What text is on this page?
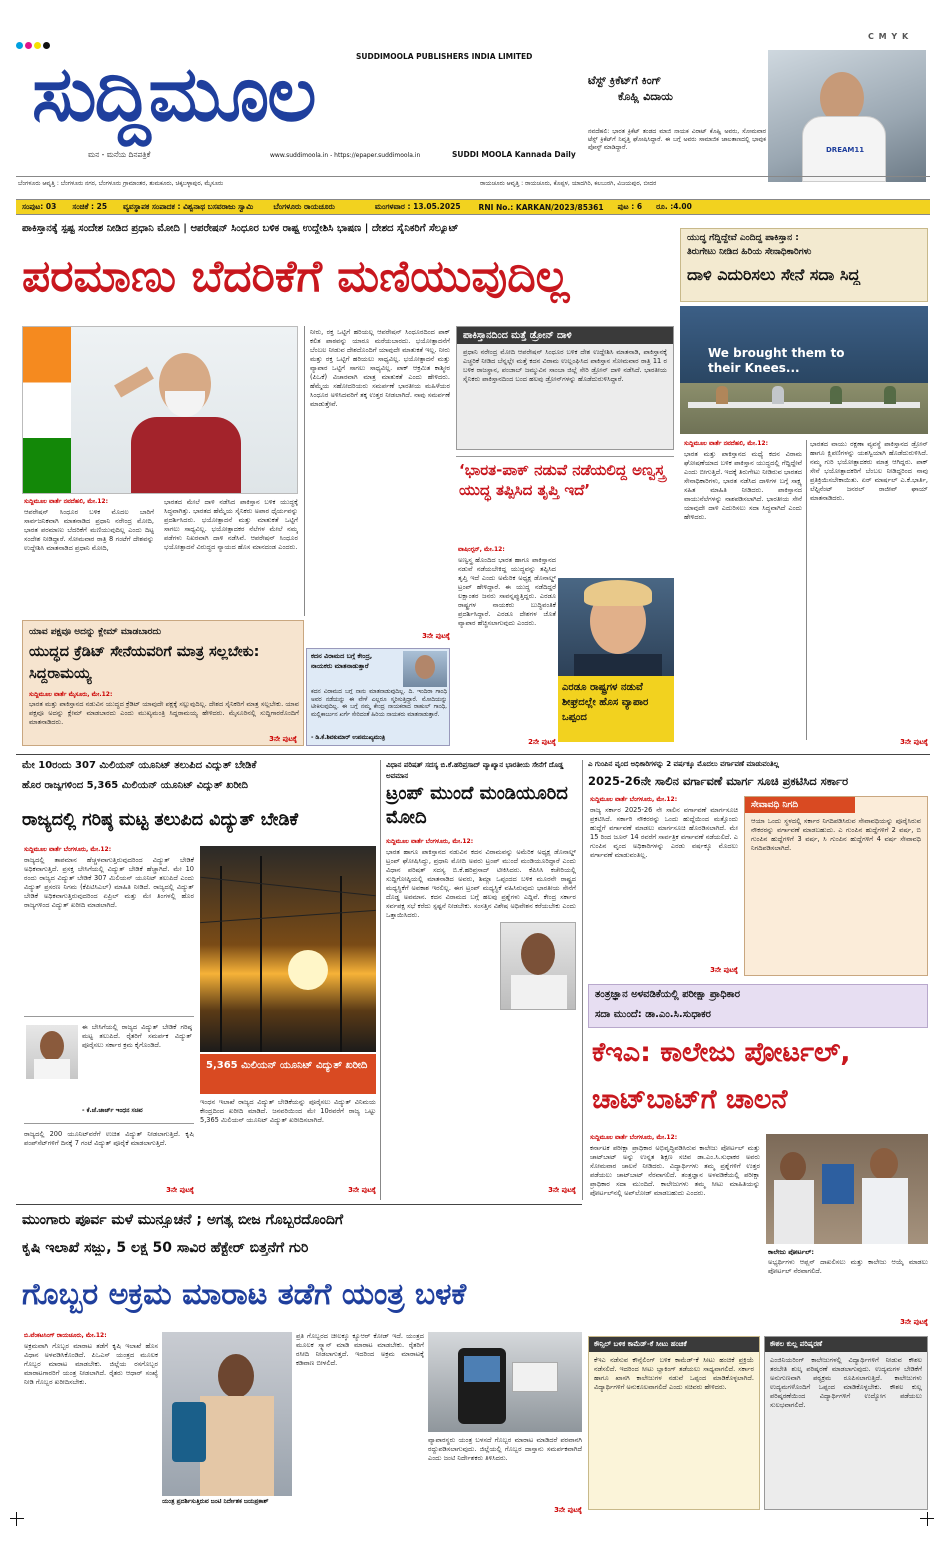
C M Y K
ಸುದ್ದಿಮೂಲ	SUDDIMOOLA PUBLISHERS INDIA LIMITED
ಮನ - ಮನೆಯ ದಿನಪತ್ರಿಕೆ	www.suddimoola.in - https://epaper.suddimoola.in	SUDDI MOOLA Kannada Daily
ಟೆಸ್ಟ್ ಕ್ರಿಕೆಟ್‌ಗೆ ಕಿಂಗ್
ಕೊಹ್ಲಿ ವಿದಾಯ
ನವದೆಹಲಿ: ಭಾರತ ಕ್ರಿಕೆಟ್ ತಂಡದ ಮಾಜಿ ನಾಯಕ ವಿರಾಟ್ ಕೊಹ್ಲಿ ಅವರು, ಸೋಮವಾರ ಟೆಸ್ಟ್ ಕ್ರಿಕೆಟ್‌ಗೆ ನಿವೃತ್ತಿ ಘೋಷಿಸಿದ್ದಾರೆ. ಈ ಬಗ್ಗೆ ಅವರು ಸಾಮಾಜಿಕ ಜಾಲತಾಣದಲ್ಲಿ ಭಾವುಕ ಪೋಸ್ಟ್ ಮಾಡಿದ್ದಾರೆ.	DREAM11
ಬೆಂಗಳೂರು ಆವೃತ್ತಿ : ಬೆಂಗಳೂರು ನಗರ, ಬೆಂಗಳೂರು ಗ್ರಾಮಾಂತರ, ತುಮಕೂರು, ಚಿಕ್ಕಬಳ್ಳಾಪುರ, ಮೈಸೂರು	ರಾಯಚೂರು ಆವೃತ್ತಿ : ರಾಯಚೂರು, ಕೊಪ್ಪಳ, ಯಾದಗಿರಿ, ಕಲಬುರಗಿ, ವಿಜಯಪುರ, ಬೀದರ
ಸಂಪುಟ: 03 ಸಂಚಿಕೆ : 25 ವ್ಯವಸ್ಥಾಪಕ ಸಂಪಾದಕ : ವಿಶ್ವನಾಥ ಬಸವರಾಜು ಸ್ವಾಮಿ	ಬೆಂಗಳೂರು ರಾಯಚೂರು	ಮಂಗಳವಾರ : 13.05.2025 RNI No.: KARKAN/2023/85361 ಪುಟ : 6 ರೂ. :4.00
ಪಾಕಿಸ್ತಾನಕ್ಕೆ ಸ್ಪಷ್ಟ ಸಂದೇಶ ನೀಡಿದ ಪ್ರಧಾನಿ ಮೋದಿ | ಆಪರೇಷನ್ ಸಿಂಧೂರ ಬಳಿಕ ರಾಷ್ಟ್ರ ಉದ್ದೇಶಿಸಿ ಭಾಷಣ | ದೇಶದ ಸೈನಿಕರಿಗೆ ಸೆಲ್ಯೂಟ್
ಪರಮಾಣು ಬೆದರಿಕೆಗೆ ಮಣಿಯುವುದಿಲ್ಲ
ಸುದ್ದಿಮೂಲ ವಾರ್ತೆ ನವದೆಹಲಿ, ಮೇ.12:
ಆಪರೇಷನ್ ಸಿಂಧೂರ ಬಳಿಕ ಮೊದಲ ಬಾರಿಗೆ ಸಾರ್ವಜನಿಕವಾಗಿ ಮಾತನಾಡಿದ ಪ್ರಧಾನಿ ನರೇಂದ್ರ ಮೋದಿ, ಭಾರತ ಪರಮಾಣು ಬೆದರಿಕೆಗೆ ಮಣಿಯುವುದಿಲ್ಲ ಎಂದು ದಿಟ್ಟ ಸಂದೇಶ ನೀಡಿದ್ದಾರೆ. ಸೋಮವಾರ ರಾತ್ರಿ 8 ಗಂಟೆಗೆ ದೇಶವನ್ನು ಉದ್ದೇಶಿಸಿ ಮಾತನಾಡಿದ ಪ್ರಧಾನಿ ಮೋದಿ,
ಭಾರತದ ಮೇಲೆ ದಾಳಿ ನಡೆಸಿದ ಪಾಕಿಸ್ತಾನ ಬಳಿಕ ಯುದ್ಧಕ್ಕೆ ಸಿದ್ಧವಾಗಿತ್ತು. ಭಾರತದ ಹೆಮ್ಮೆಯ ಸೈನಿಕರು ಅಪಾರ ಧೈರ್ಯವನ್ನು ಪ್ರದರ್ಶಿಸಿದರು. ಭಯೋತ್ಪಾದನೆ ಮತ್ತು ಮಾತುಕತೆ ಒಟ್ಟಿಗೆ ಸಾಗಲು ಸಾಧ್ಯವಿಲ್ಲ. ಭಯೋತ್ಪಾದಕರ ನೆಲೆಗಳ ಮೇಲೆ ನಮ್ಮ ಪಡೆಗಳು ನಿಖರವಾಗಿ ದಾಳಿ ನಡೆಸಿವೆ. ಆಪರೇಷನ್ ಸಿಂಧೂರ ಭಯೋತ್ಪಾದನೆ ವಿರುದ್ಧದ ನ್ಯಾಯದ ಹೊಸ ಮಾನದಂಡ ಎಂದರು.
ನೀರು, ರಕ್ತ ಒಟ್ಟಿಗೆ ಹರಿಯಲ್ಲ ಆಪರೇಷನ್ ಸಿಂಧೂರದಿಂದ ಪಾಕ್ ಕಲಿತ ಪಾಠವನ್ನು ಯಾರೂ ಮರೆಯಬಾರದು. ಭಯೋತ್ಪಾದನೆಗೆ ಬೆಂಬಲ ನೀಡುವ ದೇಶದೊಂದಿಗೆ ಯಾವುದೇ ಮಾತುಕತೆ ಇಲ್ಲ. ನೀರು ಮತ್ತು ರಕ್ತ ಒಟ್ಟಿಗೆ ಹರಿಯಲು ಸಾಧ್ಯವಿಲ್ಲ. ಭಯೋತ್ಪಾದನೆ ಮತ್ತು ವ್ಯಾಪಾರ ಒಟ್ಟಿಗೆ ಸಾಗಲು ಸಾಧ್ಯವಿಲ್ಲ. ಪಾಕ್ ಆಕ್ರಮಿತ ಕಾಶ್ಮೀರ (ಪಿಒಕೆ) ವಿಚಾರವಾಗಿ ಮಾತ್ರ ಮಾತುಕತೆ ಎಂದು ಹೇಳಿದರು. ಹೆಮ್ಮೆಯ ಸಹೋದರಿಯರು ಸಮರ್ಪಣೆ ಭಾರತೀಯ ಮಹಿಳೆಯರ ಸಿಂಧೂರ ಅಳಿಸಿದವರಿಗೆ ತಕ್ಕ ಉತ್ತರ ನೀಡಲಾಗಿದೆ. ನಾವು ಸಮರ್ಪಣೆ ಮಾಡುತ್ತೇವೆ.
3ನೇ ಪುಟಕ್ಕೆ
ಪಾಕಿಸ್ತಾನದಿಂದ ಮತ್ತೆ ಡ್ರೋನ್ ದಾಳಿ
ಪ್ರಧಾನಿ ನರೇಂದ್ರ ಮೋದಿ ಆಪರೇಷನ್ ಸಿಂಧೂರ ಬಳಿಕ ದೇಶ ಉದ್ದೇಶಿಸಿ ಮಾತನಾಡಿ, ಪಾಕಿಸ್ತಾನಕ್ಕೆ ಎಚ್ಚರಿಕೆ ನೀಡಿದ ಬೆನ್ನಲ್ಲೇ ಮತ್ತೆ ಕದನ ವಿರಾಮ ಉಲ್ಲಂಘಿಸಿದ ಪಾಕಿಸ್ತಾನ ಸೋಮವಾರ ರಾತ್ರಿ 11 ರ ಬಳಿಕ ರಾಜಸ್ಥಾನ, ಪಂಜಾಬ್ ಜಮ್ಮುವಿನ ಸಾಂಬಾ ಜಿಲ್ಲೆ ಸೇರಿ ಡ್ರೋನ್ ದಾಳಿ ನಡೆಸಿದೆ. ಭಾರತೀಯ ಸೈನಿಕರು ಪಾಕಿಸ್ತಾನದಿಂದ ಬಂದ ಹಲವು ಡ್ರೋನ್‌ಗಳನ್ನು ಹೊಡೆದುರುಳಿಸಿದ್ದಾರೆ.
‘ಭಾರತ-ಪಾಕ್ ನಡುವೆ ನಡೆಯಲಿದ್ದ ಅಣ್ವಸ್ತ್ರ ಯುದ್ಧ ತಪ್ಪಿಸಿದ ತೃಪ್ತಿ ಇದೆ’
ವಾಷಿಂಗ್ಟನ್, ಮೇ.12:
ಅಣ್ವಸ್ತ್ರ ಹೊಂದಿದ ಭಾರತ ಹಾಗೂ ಪಾಕಿಸ್ತಾನದ ನಡುವೆ ನಡೆಯಬೇಕಿದ್ದ ಯುದ್ಧವನ್ನು ತಪ್ಪಿಸಿದ ತೃಪ್ತಿ ಇದೆ ಎಂದು ಅಮೆರಿಕ ಅಧ್ಯಕ್ಷ ಡೊನಾಲ್ಡ್ ಟ್ರಂಪ್ ಹೇಳಿದ್ದಾರೆ. ಈ ಯುದ್ಧ ನಡೆದಿದ್ದರೆ ಲಕ್ಷಾಂತರ ಜನರು ಸಾವನ್ನಪ್ಪುತ್ತಿದ್ದರು. ಎರಡೂ ರಾಷ್ಟ್ರಗಳ ನಾಯಕರು ಬುದ್ಧಿವಂತಿಕೆ ಪ್ರದರ್ಶಿಸಿದ್ದಾರೆ. ಎರಡೂ ದೇಶಗಳ ಜೊತೆ ವ್ಯಾಪಾರ ಹೆಚ್ಚಿಸಲಾಗುವುದು ಎಂದರು.
2ನೇ ಪುಟಕ್ಕೆ
ಎರಡೂ ರಾಷ್ಟ್ರಗಳ ನಡುವೆ ಶೀಘ್ರದಲ್ಲೇ ಹೊಸ ವ್ಯಾಪಾರ ಒಪ್ಪಂದ
ಯಾವ ಪಕ್ಷವೂ ಅದನ್ನು ಕ್ಲೇಮ್ ಮಾಡಬಾರದು
ಯುದ್ಧದ ಕ್ರೆಡಿಟ್ ಸೇನೆಯವರಿಗೆ ಮಾತ್ರ ಸಲ್ಲಬೇಕು: ಸಿದ್ದರಾಮಯ್ಯ
ಸುದ್ದಿಮೂಲ ವಾರ್ತೆ ಮೈಸೂರು, ಮೇ.12:
ಭಾರತ ಮತ್ತು ಪಾಕಿಸ್ತಾನದ ನಡುವಿನ ಯುದ್ಧದ ಕ್ರೆಡಿಟ್ ಯಾವುದೇ ಪಕ್ಷಕ್ಕೆ ಸಲ್ಲುವುದಿಲ್ಲ. ದೇಶದ ಸೈನಿಕರಿಗೆ ಮಾತ್ರ ಸಲ್ಲಬೇಕು. ಯಾವ ಪಕ್ಷವೂ ಅದನ್ನು ಕ್ಲೇಮ್ ಮಾಡಬಾರದು ಎಂದು ಮುಖ್ಯಮಂತ್ರಿ ಸಿದ್ದರಾಮಯ್ಯ ಹೇಳಿದರು. ಮೈಸೂರಿನಲ್ಲಿ ಸುದ್ದಿಗಾರರೊಂದಿಗೆ ಮಾತನಾಡಿದರು.
3ನೇ ಪುಟಕ್ಕೆ
ಕದನ ವಿರಾಮದ ಬಗ್ಗೆ ಕೇಂದ್ರ,
ನಾಯಕರು ಮಾತನಾಡುತ್ತಾರೆ
ಕದನ ವಿರಾಮದ ಬಗ್ಗೆ ನಾನು ಮಾತನಾಡುವುದಿಲ್ಲ. ದಿ. ಇಂದಿರಾ ಗಾಂಧಿ ಅವರ ನಡೆಯನ್ನು ಈ ವೇಳೆ ಎಲ್ಲರೂ ಸ್ಮರಿಸುತ್ತಿದ್ದಾರೆ. ಮೋದಿಯನ್ನು ಟೀಕಿಸುವುದಿಲ್ಲ. ಈ ಬಗ್ಗೆ ನಮ್ಮ ಕೇಂದ್ರ ನಾಯಕರಾದ ರಾಹುಲ್ ಗಾಂಧಿ, ಮಲ್ಲಿಕಾರ್ಜುನ ಖರ್ಗೆ ಸೇರಿದಂತೆ ಹಿರಿಯ ನಾಯಕರು ಮಾತನಾಡುತ್ತಾರೆ.
- ಡಿ.ಕೆ.ಶಿವಕುಮಾರ್ ಉಪಮುಖ್ಯಮಂತ್ರಿ
ಯುದ್ಧ ಗೆದ್ದಿದ್ದೇವೆ ಎಂದಿದ್ದ ಪಾಕಿಸ್ತಾನ :
ತಿರುಗೇಟು ನೀಡಿದ ಹಿರಿಯ ಸೇನಾಧಿಕಾರಿಗಳು
ದಾಳಿ ಎದುರಿಸಲು ಸೇನೆ ಸದಾ ಸಿದ್ಧ
We brought them to their Knees...
ಸುದ್ದಿಮೂಲ ವಾರ್ತೆ ನವದೆಹಲಿ, ಮೇ.12:
ಭಾರತ ಮತ್ತು ಪಾಕಿಸ್ತಾನದ ಮಧ್ಯೆ ಕದನ ವಿರಾಮ ಘೋಷಣೆಯಾದ ಬಳಿಕ ಪಾಕಿಸ್ತಾನ ಯುದ್ಧದಲ್ಲಿ ಗೆದ್ದಿದ್ದೇವೆ ಎಂದು ಬೀಗುತ್ತಿದೆ. ಇದಕ್ಕೆ ತಿರುಗೇಟು ನೀಡಿರುವ ಭಾರತದ ಸೇನಾಧಿಕಾರಿಗಳು, ಭಾರತ ನಡೆಸಿದ ದಾಳಿಗಳ ಬಗ್ಗೆ ಸಾಕ್ಷ್ಯ ಸಹಿತ ಮಾಹಿತಿ ನೀಡಿದರು. ಪಾಕಿಸ್ತಾನದ ವಾಯುನೆಲೆಗಳನ್ನು ನಾಶಪಡಿಸಲಾಗಿದೆ. ಭಾರತೀಯ ಸೇನೆ ಯಾವುದೇ ದಾಳಿ ಎದುರಿಸಲು ಸದಾ ಸಿದ್ಧವಾಗಿದೆ ಎಂದು ಹೇಳಿದರು.
ಭಾರತದ ವಾಯು ರಕ್ಷಣಾ ವ್ಯವಸ್ಥೆ ಪಾಕಿಸ್ತಾನದ ಡ್ರೋನ್ ಹಾಗೂ ಕ್ಷಿಪಣಿಗಳನ್ನು ಯಶಸ್ವಿಯಾಗಿ ಹೊಡೆದುರುಳಿಸಿದೆ. ನಮ್ಮ ಗುರಿ ಭಯೋತ್ಪಾದಕರು ಮಾತ್ರ ಆಗಿದ್ದರು. ಪಾಕ್ ಸೇನೆ ಭಯೋತ್ಪಾದಕರಿಗೆ ಬೆಂಬಲ ನೀಡಿದ್ದರಿಂದ ನಾವು ಪ್ರತಿಕ್ರಿಯಿಸಬೇಕಾಯಿತು. ಏರ್ ಮಾರ್ಷಲ್ ಎ.ಕೆ.ಭಾರ್ತಿ, ಲೆಫ್ಟಿನೆಂಟ್ ಜನರಲ್ ರಾಜೀವ್ ಘಾಯ್ ಮಾತನಾಡಿದರು.
3ನೇ ಪುಟಕ್ಕೆ
ಮೇ 10ರಂದು 307 ಮಿಲಿಯನ್ ಯೂನಿಟ್ ತಲುಪಿದ ವಿದ್ಯುತ್ ಬೇಡಿಕೆ
ಹೊರ ರಾಜ್ಯಗಳಿಂದ 5,365 ಮಿಲಿಯನ್ ಯೂನಿಟ್ ವಿದ್ಯುತ್ ಖರೀದಿ
ರಾಜ್ಯದಲ್ಲಿ ಗರಿಷ್ಠ ಮಟ್ಟ ತಲುಪಿದ ವಿದ್ಯುತ್ ಬೇಡಿಕೆ
ಸುದ್ದಿಮೂಲ ವಾರ್ತೆ ಬೆಂಗಳೂರು, ಮೇ.12:
ರಾಜ್ಯದಲ್ಲಿ ತಾಪಮಾನ ಹೆಚ್ಚಳವಾಗುತ್ತಿರುವುದರಿಂದ ವಿದ್ಯುತ್ ಬೇಡಿಕೆ ಅಧಿಕವಾಗುತ್ತಿದೆ. ಪ್ರಸಕ್ತ ಬೇಸಿಗೆಯಲ್ಲಿ ವಿದ್ಯುತ್ ಬೇಡಿಕೆ ಹೆಚ್ಚಾಗಿದೆ. ಮೇ 10 ರಂದು ರಾಜ್ಯದ ವಿದ್ಯುತ್ ಬೇಡಿಕೆ 307 ಮಿಲಿಯನ್ ಯೂನಿಟ್ ತಲುಪಿದೆ ಎಂದು ವಿದ್ಯುತ್ ಪ್ರಸರಣ ನಿಗಮ (ಕೆಪಿಟಿಸಿಎಲ್) ಮಾಹಿತಿ ನೀಡಿದೆ. ರಾಜ್ಯದಲ್ಲಿ ವಿದ್ಯುತ್ ಬೇಡಿಕೆ ಅಧಿಕವಾಗುತ್ತಿರುವುದರಿಂದ ಏಪ್ರಿಲ್ ಮತ್ತು ಮೇ ತಿಂಗಳಲ್ಲಿ ಹೊರ ರಾಜ್ಯಗಳಿಂದ ವಿದ್ಯುತ್ ಖರೀದಿ ಮಾಡಲಾಗಿದೆ.
ಈ ಬೇಸಿಗೆಯಲ್ಲಿ ರಾಜ್ಯದ ವಿದ್ಯುತ್ ಬೇಡಿಕೆ ಗರಿಷ್ಠ ಮಟ್ಟ ತಲುಪಿದೆ. ರೈತರಿಗೆ ಸಮರ್ಪಕ ವಿದ್ಯುತ್ ಪೂರೈಸಲು ಸರ್ಕಾರ ಕ್ರಮ ಕೈಗೊಂಡಿದೆ.
- ಕೆ.ಜೆ.ಜಾರ್ಜ್ ಇಂಧನ ಸಚಿವ
ರಾಜ್ಯದಲ್ಲಿ 200 ಯೂನಿಟ್‌ವರೆಗೆ ಉಚಿತ ವಿದ್ಯುತ್ ನೀಡಲಾಗುತ್ತಿದೆ. ಕೃಷಿ ಪಂಪ್‌ಸೆಟ್‌ಗಳಿಗೆ ದಿನಕ್ಕೆ 7 ಗಂಟೆ ವಿದ್ಯುತ್ ಪೂರೈಕೆ ಮಾಡಲಾಗುತ್ತಿದೆ.
3ನೇ ಪುಟಕ್ಕೆ
5,365 ಮಿಲಿಯನ್ ಯೂನಿಟ್ ವಿದ್ಯುತ್ ಖರೀದಿ
ಇಂಧನ ಇಲಾಖೆ ರಾಜ್ಯದ ವಿದ್ಯುತ್ ಬೇಡಿಕೆಯನ್ನು ಪೂರೈಸಲು ವಿದ್ಯುತ್ ವಿನಿಮಯ ಕೇಂದ್ರದಿಂದ ಖರೀದಿ ಮಾಡಿದೆ. ಜನವರಿಯಿಂದ ಮೇ 10ರವರೆಗೆ ರಾಜ್ಯ ಒಟ್ಟು 5,365 ಮಿಲಿಯನ್ ಯೂನಿಟ್ ವಿದ್ಯುತ್ ಖರೀದಿಸಲಾಗಿದೆ.
3ನೇ ಪುಟಕ್ಕೆ
ವಿಧಾನ ಪರಿಷತ್ ಸದಸ್ಯ ಬಿ.ಕೆ.ಹರಿಪ್ರಸಾದ್ ವ್ಯಾಖ್ಯಾನ ಭಾರತೀಯ ಸೇನೆಗೆ ದೊಡ್ಡ ಅವಮಾನ
ಟ್ರಂಪ್ ಮುಂದೆ ಮಂಡಿಯೂರಿದ ಮೋದಿ
ಸುದ್ದಿಮೂಲ ವಾರ್ತೆ ಬೆಂಗಳೂರು, ಮೇ.12:
ಭಾರತ ಹಾಗೂ ಪಾಕಿಸ್ತಾನದ ನಡುವಿನ ಕದನ ವಿರಾಮವನ್ನು ಅಮೆರಿಕ ಅಧ್ಯಕ್ಷ ಡೊನಾಲ್ಡ್ ಟ್ರಂಪ್ ಘೋಷಿಸಿದ್ದು, ಪ್ರಧಾನಿ ಮೋದಿ ಅವರು ಟ್ರಂಪ್ ಮುಂದೆ ಮಂಡಿಯೂರಿದ್ದಾರೆ ಎಂದು ವಿಧಾನ ಪರಿಷತ್ ಸದಸ್ಯ ಬಿ.ಕೆ.ಹರಿಪ್ರಸಾದ್ ಟೀಕಿಸಿದರು. ಕೆಪಿಸಿಸಿ ಕಚೇರಿಯಲ್ಲಿ ಸುದ್ದಿಗೋಷ್ಠಿಯಲ್ಲಿ ಮಾತನಾಡಿದ ಅವರು, ಶಿಮ್ಲಾ ಒಪ್ಪಂದದ ಬಳಿಕ ಮೂರನೇ ರಾಷ್ಟ್ರದ ಮಧ್ಯಸ್ಥಿಕೆಗೆ ಅವಕಾಶ ಇರಲಿಲ್ಲ. ಈಗ ಟ್ರಂಪ್ ಮಧ್ಯಸ್ಥಿಕೆ ವಹಿಸಿರುವುದು ಭಾರತೀಯ ಸೇನೆಗೆ ದೊಡ್ಡ ಅವಮಾನ. ಕದನ ವಿರಾಮದ ಬಗ್ಗೆ ಹಲವು ಪ್ರಶ್ನೆಗಳು ಎದ್ದಿವೆ. ಕೇಂದ್ರ ಸರ್ಕಾರ ಸರ್ವಪಕ್ಷ ಸಭೆ ಕರೆದು ಸ್ಪಷ್ಟನೆ ನೀಡಬೇಕು. ಸಂಸತ್ತಿನ ವಿಶೇಷ ಅಧಿವೇಶನ ಕರೆಯಬೇಕು ಎಂದು ಒತ್ತಾಯಿಸಿದರು.
3ನೇ ಪುಟಕ್ಕೆ
ಎ ಗುಂಪಿನ ವೃಂದ ಅಧಿಕಾರಿಗಳನ್ನು 2 ವರ್ಷಕ್ಕೂ ಮೊದಲು ವರ್ಗಾವಣೆ ಮಾಡುವಂತಿಲ್ಲ
2025-26ನೇ ಸಾಲಿನ ವರ್ಗಾವಣೆ ಮಾರ್ಗ ಸೂಚಿ ಪ್ರಕಟಿಸಿದ ಸರ್ಕಾರ
ಸುದ್ದಿಮೂಲ ವಾರ್ತೆ ಬೆಂಗಳೂರು, ಮೇ.12:
ರಾಜ್ಯ ಸರ್ಕಾರ 2025-26 ನೇ ಸಾಲಿನ ವರ್ಗಾವಣೆ ಮಾರ್ಗಸೂಚಿ ಪ್ರಕಟಿಸಿದೆ. ಸರ್ಕಾರಿ ನೌಕರರನ್ನು ಒಂದು ಹುದ್ದೆಯಿಂದ ಮತ್ತೊಂದು ಹುದ್ದೆಗೆ ವರ್ಗಾವಣೆ ಮಾಡಲು ಮಾರ್ಗಸೂಚಿ ಹೊರಡಿಸಲಾಗಿದೆ. ಮೇ 15 ರಿಂದ ಜೂನ್ 14 ರವರೆಗೆ ಸಾರ್ವತ್ರಿಕ ವರ್ಗಾವಣೆ ನಡೆಯಲಿದೆ. ಎ ಗುಂಪಿನ ವೃಂದ ಅಧಿಕಾರಿಗಳನ್ನು ಎರಡು ವರ್ಷಕ್ಕೂ ಮೊದಲು ವರ್ಗಾವಣೆ ಮಾಡುವಂತಿಲ್ಲ.
3ನೇ ಪುಟಕ್ಕೆ
ಸೇವಾವಧಿ ನಿಗದಿ
ಆಯಾ ಒಂದು ಸ್ಥಳದಲ್ಲಿ ಸರ್ಕಾರ ನಿಗದಿಪಡಿಸಿರುವ ಸೇವಾವಧಿಯನ್ನು ಪೂರೈಸಿರುವ ನೌಕರರನ್ನು ವರ್ಗಾವಣೆ ಮಾಡಬಹುದು. ಎ ಗುಂಪಿನ ಹುದ್ದೆಗಳಿಗೆ 2 ವರ್ಷ, ಬಿ ಗುಂಪಿನ ಹುದ್ದೆಗಳಿಗೆ 3 ವರ್ಷ, ಸಿ ಗುಂಪಿನ ಹುದ್ದೆಗಳಿಗೆ 4 ವರ್ಷ ಸೇವಾವಧಿ ನಿಗದಿಪಡಿಸಲಾಗಿದೆ.
ತಂತ್ರಜ್ಞಾನ ಅಳವಡಿಕೆಯಲ್ಲಿ ಪರೀಕ್ಷಾ ಪ್ರಾಧಿಕಾರ
ಸದಾ ಮುಂದೆ: ಡಾ.ಎಂ.ಸಿ.ಸುಧಾಕರ
ಕೆಇಎ: ಕಾಲೇಜು ಪೋರ್ಟಲ್,
ಚಾಟ್‌ಬಾಟ್‌ಗೆ ಚಾಲನೆ
ಸುದ್ದಿಮೂಲ ವಾರ್ತೆ ಬೆಂಗಳೂರು, ಮೇ.12:
ಕರ್ನಾಟಕ ಪರೀಕ್ಷಾ ಪ್ರಾಧಿಕಾರ ಅಭಿವೃದ್ಧಿಪಡಿಸಿರುವ ಕಾಲೇಜು ಪೋರ್ಟಲ್ ಮತ್ತು ಚಾಟ್‌ಬಾಟ್ ಅನ್ನು ಉನ್ನತ ಶಿಕ್ಷಣ ಸಚಿವ ಡಾ.ಎಂ.ಸಿ.ಸುಧಾಕರ ಅವರು ಸೋಮವಾರ ಚಾಲನೆ ನೀಡಿದರು. ವಿದ್ಯಾರ್ಥಿಗಳು ತಮ್ಮ ಪ್ರಶ್ನೆಗಳಿಗೆ ಉತ್ತರ ಪಡೆಯಲು ಚಾಟ್‌ಬಾಟ್ ನೆರವಾಗಲಿದೆ. ತಂತ್ರಜ್ಞಾನ ಅಳವಡಿಕೆಯಲ್ಲಿ ಪರೀಕ್ಷಾ ಪ್ರಾಧಿಕಾರ ಸದಾ ಮುಂದಿದೆ. ಕಾಲೇಜುಗಳು ತಮ್ಮ ಸೀಟು ಮಾಹಿತಿಯನ್ನು ಪೋರ್ಟಲ್‌ನಲ್ಲಿ ಅಪ್‌ಲೋಡ್ ಮಾಡಬಹುದು ಎಂದರು.
ಕಾಲೇಜು ಪೋರ್ಟಲ್:
ಅಭ್ಯರ್ಥಿಗಳು ಆಪ್ಷನ್ ದಾಖಲಿಸಲು ಮತ್ತು ಕಾಲೇಜು ಆಯ್ಕೆ ಮಾಡಲು ಪೋರ್ಟಲ್ ನೆರವಾಗಲಿದೆ.
3ನೇ ಪುಟಕ್ಕೆ
ಮುಂಗಾರು ಪೂರ್ವ ಮಳೆ ಮುನ್ಸೂಚನೆ ; ಅಗತ್ಯ ಬೀಜ ಗೊಬ್ಬರದೊಂದಿಗೆ
ಕೃಷಿ ಇಲಾಖೆ ಸಜ್ಜು, 5 ಲಕ್ಷ 50 ಸಾವಿರ ಹೆಕ್ಟೇರ್ ಬಿತ್ತನೆಗೆ ಗುರಿ
ಗೊಬ್ಬರ ಅಕ್ರಮ ಮಾರಾಟ ತಡೆಗೆ ಯಂತ್ರ ಬಳಕೆ
ಬಿ.ವೆಂಕಟಸಿಂಗ್ ರಾಯಚೂರು, ಮೇ.12:
ಅಕ್ರಮವಾಗಿ ಗೊಬ್ಬರ ಮಾರಾಟ ತಡೆಗೆ ಕೃಷಿ ಇಲಾಖೆ ಹೊಸ ವಿಧಾನ ಅಳವಡಿಸಿಕೊಂಡಿದೆ. ಪಿಒಎಸ್ ಯಂತ್ರದ ಮೂಲಕ ಗೊಬ್ಬರ ಮಾರಾಟ ಮಾಡಬೇಕು. ಜಿಲ್ಲೆಯ ರಸಗೊಬ್ಬರ ಮಾರಾಟಗಾರರಿಗೆ ಯಂತ್ರ ನೀಡಲಾಗಿದೆ. ರೈತರು ಆಧಾರ್ ಸಂಖ್ಯೆ ನೀಡಿ ಗೊಬ್ಬರ ಖರೀದಿಸಬೇಕು.
ಯಂತ್ರ ಪ್ರದರ್ಶಿಸುತ್ತಿರುವ ಜಂಟಿ ನಿರ್ದೇಶಕ ಜಯಪ್ರಕಾಶ್
ಪ್ರತಿ ಗೊಬ್ಬರದ ಚೀಲಕ್ಕೂ ಕ್ಯೂಆರ್ ಕೋಡ್ ಇದೆ. ಯಂತ್ರದ ಮೂಲಕ ಸ್ಕ್ಯಾನ್ ಮಾಡಿ ಮಾರಾಟ ಮಾಡಬೇಕು. ರೈತರಿಗೆ ರಸೀದಿ ನೀಡಲಾಗುತ್ತದೆ. ಇದರಿಂದ ಅಕ್ರಮ ಮಾರಾಟಕ್ಕೆ ಕಡಿವಾಣ ಬೀಳಲಿದೆ.
ವ್ಯಾಪಾರಸ್ಥರು ಯಂತ್ರ ಬಳಸದೆ ಗೊಬ್ಬರ ಮಾರಾಟ ಮಾಡಿದರೆ ಪರವಾನಗಿ ರದ್ದುಪಡಿಸಲಾಗುವುದು. ಜಿಲ್ಲೆಯಲ್ಲಿ ಗೊಬ್ಬರ ದಾಸ್ತಾನು ಸಮರ್ಪಕವಾಗಿದೆ ಎಂದು ಜಂಟಿ ನಿರ್ದೇಶಕರು ತಿಳಿಸಿದರು.
3ನೇ ಪುಟಕ್ಕೆ
ಕೌನ್ಸಿಲ್ ಬಳಿಕ ಕಾಮೆಡ್-ಕೆ ಸೀಟು ಹಂಚಿಕೆ
ಕೆಇಎ ನಡೆಸುವ ಕೌನ್ಸೆಲಿಂಗ್ ಬಳಿಕ ಕಾಮೆಡ್-ಕೆ ಸೀಟು ಹಂಚಿಕೆ ಪ್ರಕ್ರಿಯೆ ನಡೆಸಲಿದೆ. ಇದರಿಂದ ಸೀಟು ಬ್ಲಾಕಿಂಗ್ ತಡೆಯಲು ಸಾಧ್ಯವಾಗಲಿದೆ. ಸರ್ಕಾರ ಹಾಗೂ ಖಾಸಗಿ ಕಾಲೇಜುಗಳ ನಡುವೆ ಒಪ್ಪಂದ ಮಾಡಿಕೊಳ್ಳಲಾಗಿದೆ. ವಿದ್ಯಾರ್ಥಿಗಳಿಗೆ ಅನುಕೂಲವಾಗಲಿದೆ ಎಂದು ಸಚಿವರು ಹೇಳಿದರು.
ಕೌಶಲ ಕುಲ್ಲ ಪರಿಷ್ಕರಣೆ
ಎಂಜಿನಿಯರಿಂಗ್ ಕಾಲೇಜುಗಳಲ್ಲಿ ವಿದ್ಯಾರ್ಥಿಗಳಿಗೆ ನೀಡುವ ಕೌಶಲ ತರಬೇತಿ ಶುಲ್ಕ ಪರಿಷ್ಕರಣೆ ಮಾಡಲಾಗುವುದು. ಉದ್ಯಮಗಳ ಬೇಡಿಕೆಗೆ ಅನುಗುಣವಾಗಿ ಪಠ್ಯಕ್ರಮ ರೂಪಿಸಲಾಗುತ್ತಿದೆ. ಕಾಲೇಜುಗಳು ಉದ್ಯಮಗಳೊಂದಿಗೆ ಒಪ್ಪಂದ ಮಾಡಿಕೊಳ್ಳಬೇಕು. ಕೌಶಲ ಕುಲ್ಲ ಪರಿಷ್ಕರಣೆಯಿಂದ ವಿದ್ಯಾರ್ಥಿಗಳಿಗೆ ಉದ್ಯೋಗ ಪಡೆಯಲು ಸುಲಭವಾಗಲಿದೆ.
